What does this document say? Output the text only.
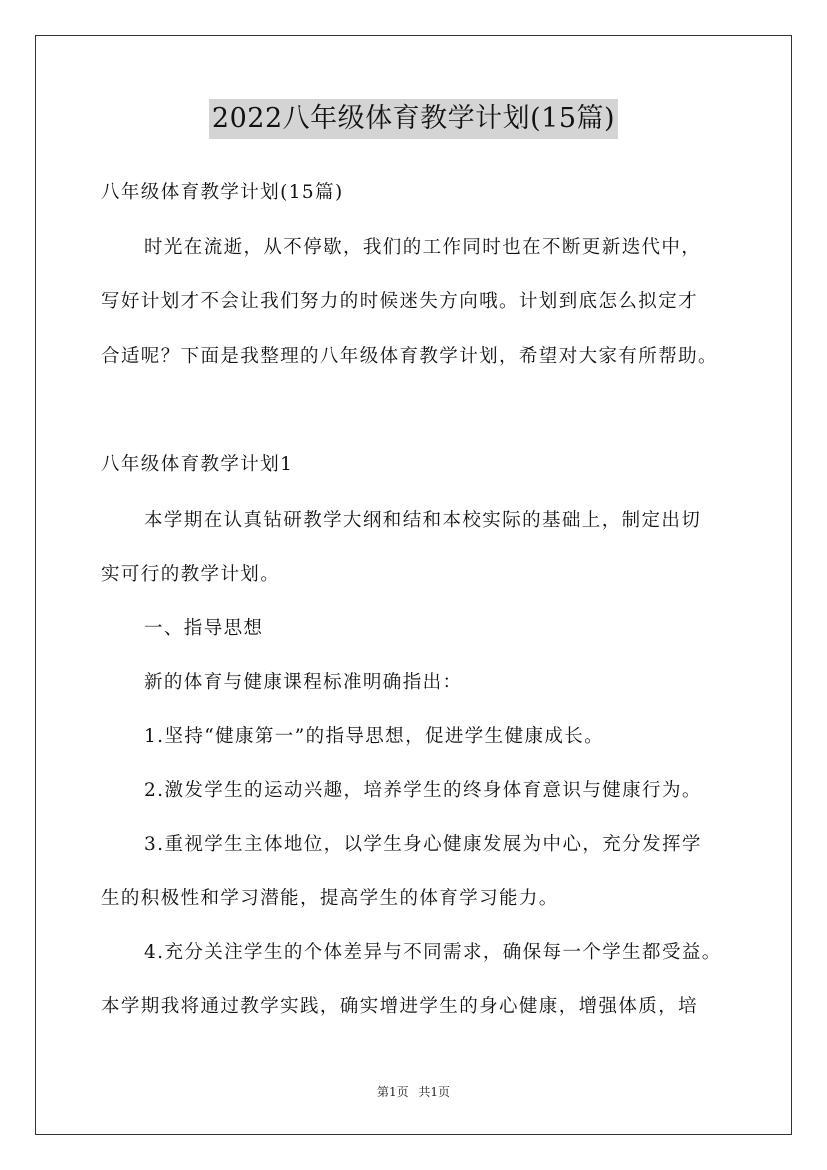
2022八年级体育教学计划(15篇)
八年级体育教学计划(15篇)
时光在流逝，从不停歇，我们的工作同时也在不断更新迭代中，
写好计划才不会让我们努力的时候迷失方向哦。计划到底怎么拟定才
合适呢？下面是我整理的八年级体育教学计划，希望对大家有所帮助。
八年级体育教学计划1
本学期在认真钻研教学大纲和结和本校实际的基础上，制定出切
实可行的教学计划。
一、指导思想
新的体育与健康课程标准明确指出：
1.坚持“健康第一”的指导思想，促进学生健康成长。
2.激发学生的运动兴趣，培养学生的终身体育意识与健康行为。
3.重视学生主体地位，以学生身心健康发展为中心，充分发挥学
生的积极性和学习潜能，提高学生的体育学习能力。
4.充分关注学生的个体差异与不同需求，确保每一个学生都受益。
本学期我将通过教学实践，确实增进学生的身心健康，增强体质，培
第1页 共1页
